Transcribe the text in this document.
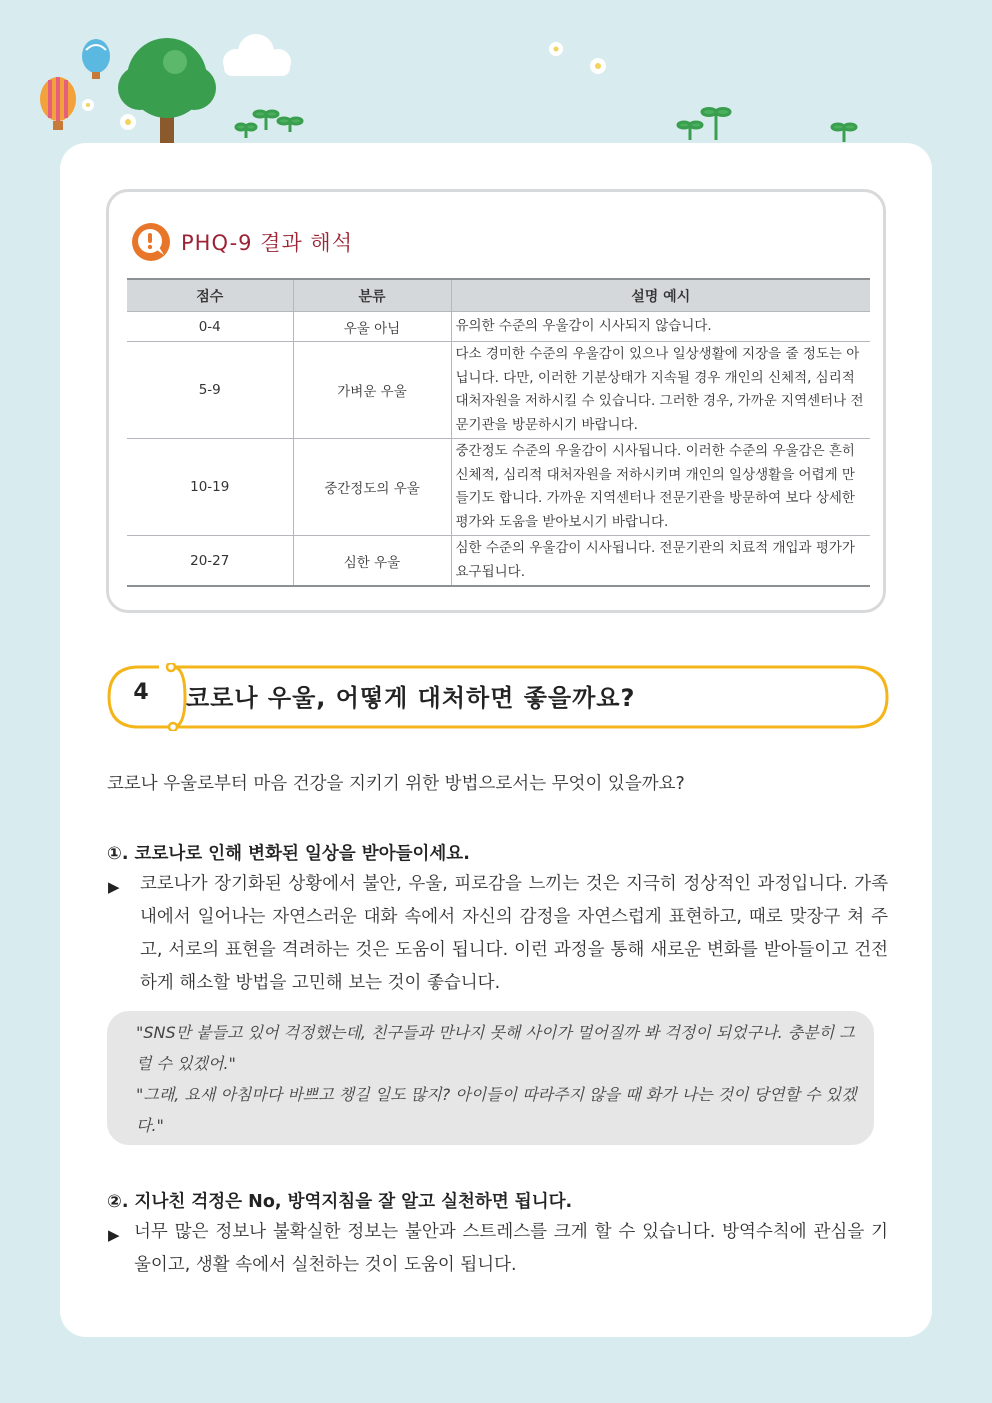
PHQ-9 결과 해석
점수	분류	설명 예시
0-4	우울 아님	유의한 수준의 우울감이 시사되지 않습니다.
5-9	가벼운 우울	다소 경미한 수준의 우울감이 있으나 일상생활에 지장을 줄 정도는 아닙니다. 다만, 이러한 기분상태가 지속될 경우 개인의 신체적, 심리적 대처자원을 저하시킬 수 있습니다. 그러한 경우, 가까운 지역센터나 전문기관을 방문하시기 바랍니다.
10-19	중간정도의 우울	중간정도 수준의 우울감이 시사됩니다. 이러한 수준의 우울감은 흔히 신체적, 심리적 대처자원을 저하시키며 개인의 일상생활을 어렵게 만들기도 합니다. 가까운 지역센터나 전문기관을 방문하여 보다 상세한 평가와 도움을 받아보시기 바랍니다.
20-27	심한 우울	심한 수준의 우울감이 시사됩니다. 전문기관의 치료적 개입과 평가가 요구됩니다.
4 코로나 우울, 어떻게 대처하면 좋을까요?
코로나 우울로부터 마음 건강을 지키기 위한 방법으로서는 무엇이 있을까요?
①. 코로나로 인해 변화된 일상을 받아들이세요.
▶ 코로나가 장기화된 상황에서 불안, 우울, 피로감을 느끼는 것은 지극히 정상적인 과정입니다. 가족 내에서 일어나는 자연스러운 대화 속에서 자신의 감정을 자연스럽게 표현하고, 때로 맞장구 쳐 주고, 서로의 표현을 격려하는 것은 도움이 됩니다. 이런 과정을 통해 새로운 변화를 받아들이고 건전하게 해소할 방법을 고민해 보는 것이 좋습니다.
"SNS만 붙들고 있어 걱정했는데, 친구들과 만나지 못해 사이가 멀어질까 봐 걱정이 되었구나. 충분히 그럴 수 있겠어."
"그래, 요새 아침마다 바쁘고 챙길 일도 많지? 아이들이 따라주지 않을 때 화가 나는 것이 당연할 수 있겠다."
②. 지나친 걱정은 No, 방역지침을 잘 알고 실천하면 됩니다.
▶ 너무 많은 정보나 불확실한 정보는 불안과 스트레스를 크게 할 수 있습니다. 방역수칙에 관심을 기울이고, 생활 속에서 실천하는 것이 도움이 됩니다.
